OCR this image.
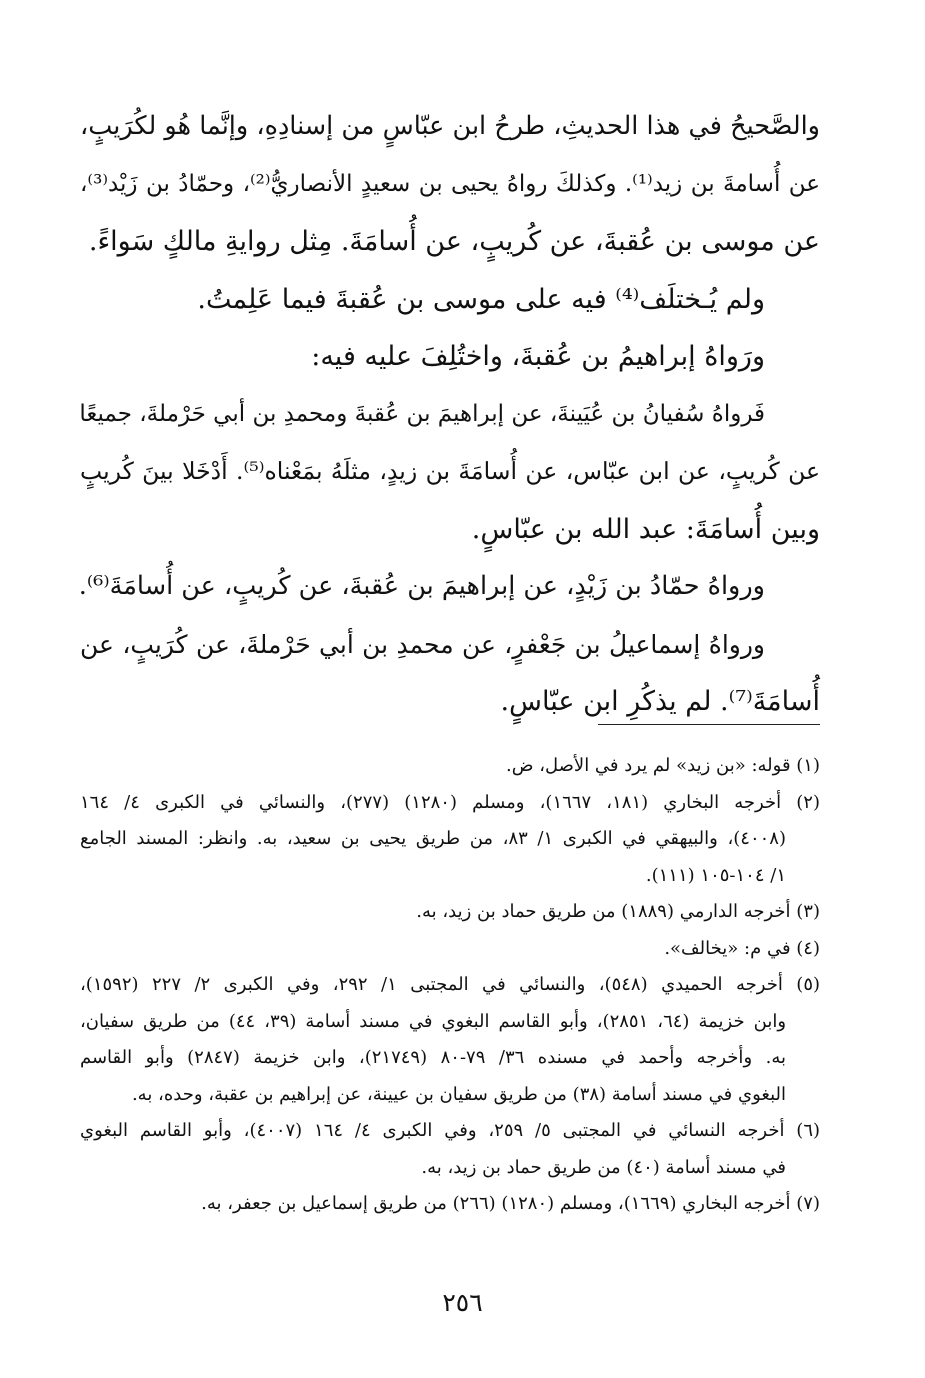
والصَّحيحُ في هذا الحديثِ، طرحُ ابن عبّاسٍ من إسنادِهِ، وإنَّما هُو لكُرَيبٍ،
عن أُسامةَ بن زيد⁽¹⁾. وكذلكَ رواهُ يحيى بن سعيدٍ الأنصاريُّ⁽²⁾، وحمّادُ بن زَيْد⁽³⁾،
عن موسى بن عُقبةَ، عن كُريبٍ، عن أُسامَةَ. مِثل روايةِ مالكٍ سَواءً.
ولم يُـختلَف⁽⁴⁾ فيه على موسى بن عُقبةَ فيما عَلِمتُ.
ورَواهُ إبراهيمُ بن عُقبةَ، واختُلِفَ عليه فيه:
فَرواهُ سُفيانُ بن عُيَينةَ، عن إبراهيمَ بن عُقبةَ ومحمدِ بن أبي حَرْملةَ، جميعًا
عن كُريبٍ، عن ابن عبّاس، عن أُسامَةَ بن زيدٍ، مثلَهُ بمَعْناه⁽⁵⁾. أَدْخَلا بينَ كُريبٍ
وبين أُسامَةَ: عبد الله بن عبّاسٍ.
ورواهُ حمّادُ بن زَيْدٍ، عن إبراهيمَ بن عُقبةَ، عن كُريبٍ، عن أُسامَةَ⁽⁶⁾.
ورواهُ إسماعيلُ بن جَعْفرٍ، عن محمدِ بن أبي حَرْملةَ، عن كُرَيبٍ، عن
أُسامَةَ⁽⁷⁾. لم يذكُرِ ابن عبّاسٍ.
(١) قوله: «بن زيد» لم يرد في الأصل، ض.
(٢) أخرجه البخاري (١٨١، ١٦٦٧)، ومسلم (١٢٨٠) (٢٧٧)، والنسائي في الكبرى ٤/ ١٦٤
(٤٠٠٨)، والبيهقي في الكبرى ١/ ٨٣، من طريق يحيى بن سعيد، به. وانظر: المسند الجامع
١/ ١٠٤-١٠٥ (١١١).
(٣) أخرجه الدارمي (١٨٨٩) من طريق حماد بن زيد، به.
(٤) في م: «يخالف».
(٥) أخرجه الحميدي (٥٤٨)، والنسائي في المجتبى ١/ ٢٩٢، وفي الكبرى ٢/ ٢٢٧ (١٥٩٢)،
وابن خزيمة (٦٤، ٢٨٥١)، وأبو القاسم البغوي في مسند أسامة (٣٩، ٤٤) من طريق سفيان،
به. وأخرجه وأحمد في مسنده ٣٦/ ٧٩-٨٠ (٢١٧٤٩)، وابن خزيمة (٢٨٤٧) وأبو القاسم
البغوي في مسند أسامة (٣٨) من طريق سفيان بن عيينة، عن إبراهيم بن عقبة، وحده، به.
(٦) أخرجه النسائي في المجتبى ٥/ ٢٥٩، وفي الكبرى ٤/ ١٦٤ (٤٠٠٧)، وأبو القاسم البغوي
في مسند أسامة (٤٠) من طريق حماد بن زيد، به.
(٧) أخرجه البخاري (١٦٦٩)، ومسلم (١٢٨٠) (٢٦٦) من طريق إسماعيل بن جعفر، به.
٢٥٦
